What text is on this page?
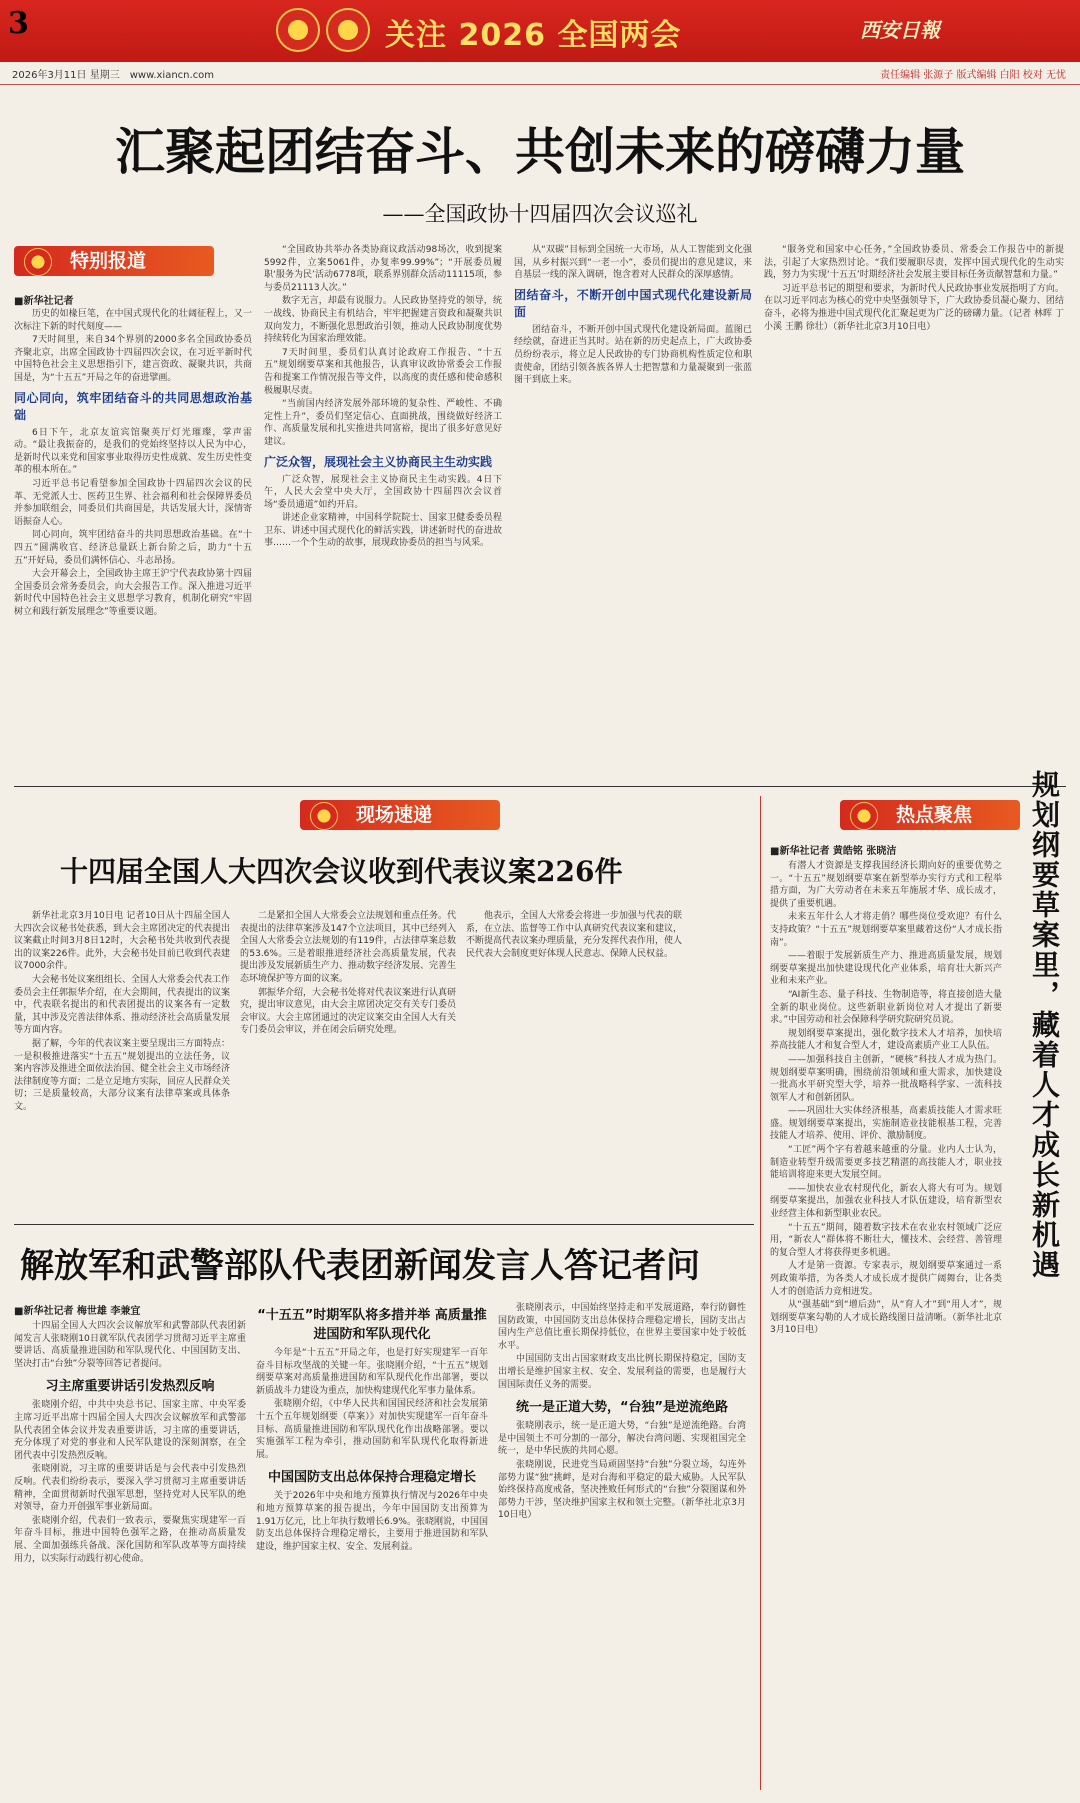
3	关注 2026 全国两会	西安日報
2026年3月11日 星期三　www.xiancn.com	责任编辑 张源子 版式编辑 白阳 校对 无忧
汇聚起团结奋斗、共创未来的磅礴力量
——全国政协十四届四次会议巡礼
特别报道
■新华社记者

历史的如椽巨笔，在中国式现代化的壮阔征程上，又一次标注下新的时代刻度——

7天时间里，来自34个界别的2000多名全国政协委员齐聚北京，出席全国政协十四届四次会议，在习近平新时代中国特色社会主义思想指引下，建言资政、凝聚共识，共商国是，为“十五五”开局之年的奋进擘画。

同心同向，筑牢团结奋斗的共同思想政治基础

6日下午，北京友谊宾馆聚英厅灯光璀璨，掌声雷动。“最让我振奋的，是我们的党始终坚持以人民为中心，是新时代以来党和国家事业取得历史性成就、发生历史性变革的根本所在。”

习近平总书记看望参加全国政协十四届四次会议的民革、无党派人士、医药卫生界、社会福利和社会保障界委员并参加联组会，同委员们共商国是，共话发展大计，深情寄语振奋人心。

同心同向，筑牢团结奋斗的共同思想政治基础。在“十四五”圆满收官、经济总量跃上新台阶之后，助力“十五五”开好局，委员们满怀信心、斗志昂扬。

大会开幕会上，全国政协主席王沪宁代表政协第十四届全国委员会常务委员会，向大会报告工作。深入推进习近平新时代中国特色社会主义思想学习教育，机制化研究“牢固树立和践行新发展理念”等重要议题。

“全国政协共举办各类协商议政活动98场次，收到提案5992件，立案5061件，办复率99.99%”；“开展委员履职‘服务为民’活动6778项，联系界别群众活动11115项，参与委员21113人次。”

数字无言，却最有说服力。人民政协坚持党的领导，统一战线、协商民主有机结合，牢牢把握建言资政和凝聚共识双向发力，不断强化思想政治引领，推动人民政协制度优势持续转化为国家治理效能。

7天时间里，委员们认真讨论政府工作报告、“十五五”规划纲要草案和其他报告，认真审议政协常委会工作报告和提案工作情况报告等文件，以高度的责任感和使命感积极履职尽责。

“当前国内经济发展外部环境的复杂性、严峻性、不确定性上升”，委员们坚定信心、直面挑战，围绕做好经济工作、高质量发展和扎实推进共同富裕，提出了很多好意见好建议。

广泛众智，展现社会主义协商民主生动实践

广泛众智，展现社会主义协商民主生动实践。4日下午，人民大会堂中央大厅，全国政协十四届四次会议首场“委员通道”如约开启。

讲述企业家精神，中国科学院院士、国家卫健委委员程卫东、讲述中国式现代化的鲜活实践，讲述新时代的奋进故事……一个个生动的故事，展现政协委员的担当与风采。

从“双碳”目标到全国统一大市场，从人工智能到文化强国，从乡村振兴到“一老一小”，委员们提出的意见建议，来自基层一线的深入调研，饱含着对人民群众的深厚感情。

团结奋斗，不断开创中国式现代化建设新局面

团结奋斗，不断开创中国式现代化建设新局面。蓝图已经绘就，奋进正当其时。站在新的历史起点上，广大政协委员纷纷表示，将立足人民政协的专门协商机构性质定位和职责使命，团结引领各族各界人士把智慧和力量凝聚到一张蓝图干到底上来。

“服务党和国家中心任务，”全国政协委员、常委会工作报告中的新提法，引起了大家热烈讨论。“我们要履职尽责，发挥中国式现代化的生动实践，努力为实现‘十五五’时期经济社会发展主要目标任务贡献智慧和力量。”

习近平总书记的期望和要求，为新时代人民政协事业发展指明了方向。在以习近平同志为核心的党中央坚强领导下，广大政协委员凝心聚力、团结奋斗，必将为推进中国式现代化汇聚起更为广泛的磅礴力量。（记者 林晖 丁小溪 王鹏 徐壮）（新华社北京3月10日电）

现场速递
十四届全国人大四次会议收到代表议案226件

新华社北京3月10日电 记者10日从十四届全国人大四次会议秘书处获悉，到大会主席团决定的代表提出议案截止时间3月8日12时，大会秘书处共收到代表提出的议案226件。此外，大会秘书处目前已收到代表建议7000余件。

大会秘书处议案组组长、全国人大常委会代表工作委员会主任郭振华介绍，在大会期间，代表提出的议案中，代表联名提出的和代表团提出的议案各有一定数量，其中涉及完善法律体系、推动经济社会高质量发展等方面内容。

据了解，今年的代表议案主要呈现出三方面特点：一是积极推进落实“十五五”规划提出的立法任务，议案内容涉及推进全面依法治国、健全社会主义市场经济法律制度等方面；二是立足地方实际，回应人民群众关切；三是质量较高，大部分议案有法律草案或具体条文。

二是紧扣全国人大常委会立法规划和重点任务。代表提出的法律草案涉及147个立法项目，其中已经列入全国人大常委会立法规划的有119件，占法律草案总数的53.6%。三是着眼推进经济社会高质量发展，代表提出涉及发展新质生产力、推动数字经济发展、完善生态环境保护等方面的议案。

郭振华介绍，大会秘书处将对代表议案进行认真研究，提出审议意见，由大会主席团决定交有关专门委员会审议。大会主席团通过的决定议案交由全国人大有关专门委员会审议，并在闭会后研究处理。

他表示，全国人大常委会将进一步加强与代表的联系，在立法、监督等工作中认真研究代表议案和建议，不断提高代表议案办理质量，充分发挥代表作用，使人民代表大会制度更好体现人民意志、保障人民权益。

解放军和武警部队代表团新闻发言人答记者问
■新华社记者 梅世雄 李兼宜

十四届全国人大四次会议解放军和武警部队代表团新闻发言人张晓刚10日就军队代表团学习贯彻习近平主席重要讲话、高质量推进国防和军队现代化、中国国防支出、坚决打击“台独”分裂等回答记者提问。

习主席重要讲话引发热烈反响

张晓刚介绍，中共中央总书记、国家主席、中央军委主席习近平出席十四届全国人大四次会议解放军和武警部队代表团全体会议并发表重要讲话，习主席的重要讲话，充分体现了对党的事业和人民军队建设的深刻洞察，在全团代表中引发热烈反响。

张晓刚说，习主席的重要讲话是与会代表中引发热烈反响。代表们纷纷表示，要深入学习贯彻习主席重要讲话精神，全面贯彻新时代强军思想，坚持党对人民军队的绝对领导，奋力开创强军事业新局面。

张晓刚介绍，代表们一致表示，要聚焦实现建军一百年奋斗目标，推进中国特色强军之路，在推动高质量发展、全面加强练兵备战、深化国防和军队改革等方面持续用力，以实际行动践行初心使命。

“十五五”时期军队将多措并举 高质量推进国防和军队现代化

今年是“十五五”开局之年，也是打好实现建军一百年奋斗目标攻坚战的关键一年。张晓刚介绍，“十五五”规划纲要草案对高质量推进国防和军队现代化作出部署，要以新质战斗力建设为重点，加快构建现代化军事力量体系。

张晓刚介绍，《中华人民共和国国民经济和社会发展第十五个五年规划纲要（草案）》对加快实现建军一百年奋斗目标、高质量推进国防和军队现代化作出战略部署。要以实施强军工程为牵引，推动国防和军队现代化取得新进展。

中国国防支出总体保持合理稳定增长

关于2026年中央和地方预算执行情况与2026年中央和地方预算草案的报告提出，今年中国国防支出预算为1.91万亿元，比上年执行数增长6.9%。张晓刚说，中国国防支出总体保持合理稳定增长，主要用于推进国防和军队建设，维护国家主权、安全、发展利益。

张晓刚表示，中国始终坚持走和平发展道路，奉行防御性国防政策，中国国防支出总体保持合理稳定增长，国防支出占国内生产总值比重长期保持低位，在世界主要国家中处于较低水平。

中国国防支出占国家财政支出比例长期保持稳定，国防支出增长是维护国家主权、安全、发展利益的需要，也是履行大国国际责任义务的需要。

统一是正道大势，“台独”是逆流绝路

张晓刚表示，统一是正道大势，“台独”是逆流绝路。台湾是中国领土不可分割的一部分，解决台湾问题、实现祖国完全统一，是中华民族的共同心愿。

张晓刚说，民进党当局顽固坚持“台独”分裂立场，勾连外部势力谋“独”挑衅，是对台海和平稳定的最大威胁。人民军队始终保持高度戒备，坚决挫败任何形式的“台独”分裂图谋和外部势力干涉，坚决维护国家主权和领土完整。（新华社北京3月10日电）

热点聚焦
■新华社记者 黄皓铭 张晓洁	规划纲要草案里，藏着人才成长新机遇

有潜人才资源是支撑我国经济长期向好的重要优势之一。“十五五”规划纲要草案在新型举办实行方式和工程举措方面，为广大劳动者在未来五年施展才华、成长成才，提供了重要机遇。

未来五年什么人才将走俏？哪些岗位受欢迎？有什么支持政策？“十五五”规划纲要草案里藏着这份“人才成长指南”。

——着眼于发展新质生产力、推进高质量发展，规划纲要草案提出加快建设现代化产业体系，培育壮大新兴产业和未来产业。

“AI新生态、量子科技、生物制造等，将直接创造大量全新的职业岗位。这些新职业新岗位对人才提出了新要求。”中国劳动和社会保障科学研究院研究员说。

规划纲要草案提出，强化数字技术人才培养，加快培养高技能人才和复合型人才，建设高素质产业工人队伍。

——加强科技自主创新，“硬核”科技人才成为热门。规划纲要草案明确，围绕前沿领域和重大需求，加快建设一批高水平研究型大学，培养一批战略科学家、一流科技领军人才和创新团队。

——巩固壮大实体经济根基，高素质技能人才需求旺盛。规划纲要草案提出，实施制造业技能根基工程，完善技能人才培养、使用、评价、激励制度。

“工匠”两个字有着越来越重的分量。业内人士认为，制造业转型升级需要更多技艺精湛的高技能人才，职业技能培训将迎来更大发展空间。

——加快农业农村现代化，新农人将大有可为。规划纲要草案提出，加强农业科技人才队伍建设，培育新型农业经营主体和新型职业农民。

“十五五”期间，随着数字技术在农业农村领域广泛应用，“新农人”群体将不断壮大，懂技术、会经营、善管理的复合型人才将获得更多机遇。

人才是第一资源。专家表示，规划纲要草案通过一系列政策举措，为各类人才成长成才提供广阔舞台，让各类人才的创造活力竞相迸发。

从“强基础”到“增后劲”，从“育人才”到“用人才”，规划纲要草案勾勒的人才成长路线图日益清晰。（新华社北京3月10日电）
